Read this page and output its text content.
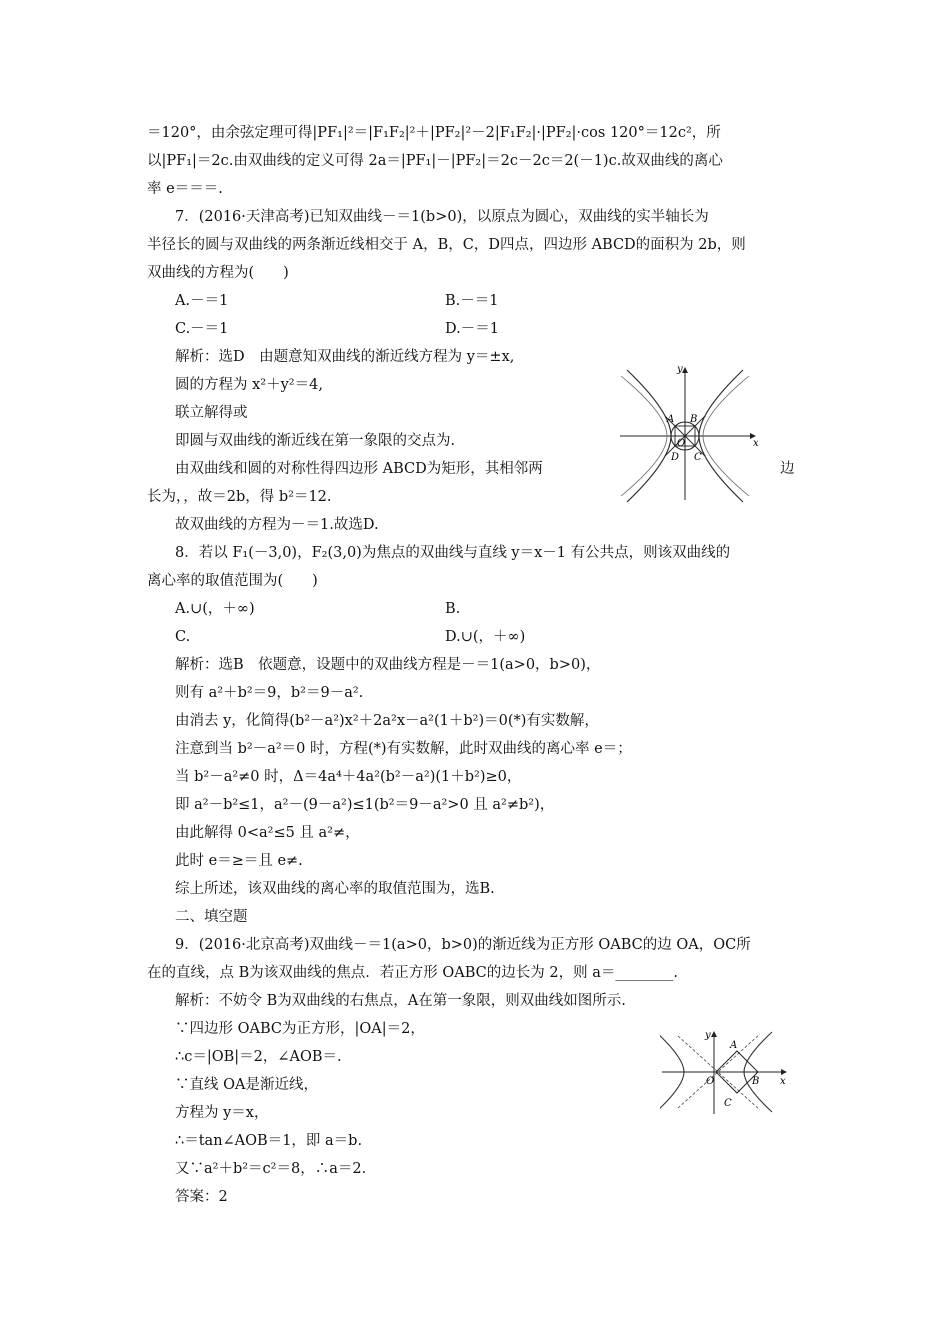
＝120°，由余弦定理可得|PF₁|²＝|F₁F₂|²＋|PF₂|²－2|F₁F₂|·|PF₂|·cos 120°＝12c²，所
以|PF₁|＝2c.由双曲线的定义可得 2a＝|PF₁|－|PF₂|＝2c－2c＝2(－1)c.故双曲线的离心
率 e＝＝＝.
7．(2016·天津高考)已知双曲线－＝1(b>0)，以原点为圆心，双曲线的实半轴长为
半径长的圆与双曲线的两条渐近线相交于 A，B，C，D四点，四边形 ABCD的面积为 2b，则
双曲线的方程为(　　)
A.－＝1	B.－＝1
C.－＝1	D.－＝1
解析：选D　由题意知双曲线的渐近线方程为 y＝±x,
圆的方程为 x²＋y²＝4,
联立解得或
即圆与双曲线的渐近线在第一象限的交点为.
由双曲线和圆的对称性得四边形 ABCD为矩形，其相邻两	边
长为，，故＝2b，得 b²＝12.
故双曲线的方程为－＝1.故选D.
x
y
A B
O
D C
8．若以 F₁(－3,0)，F₂(3,0)为焦点的双曲线与直线 y＝x－1 有公共点，则该双曲线的
离心率的取值范围为(　　)
A.∪(，＋∞)	B.
C.	D.∪(，＋∞)
解析：选B　依题意，设题中的双曲线方程是－＝1(a>0，b>0)，
则有 a²＋b²＝9，b²＝9－a².
由消去 y，化简得(b²－a²)x²＋2a²x－a²(1＋b²)＝0(*)有实数解，
注意到当 b²－a²＝0 时，方程(*)有实数解，此时双曲线的离心率 e＝；
当 b²－a²≠0 时，Δ＝4a⁴＋4a²(b²－a²)(1＋b²)≥0，
即 a²－b²≤1，a²－(9－a²)≤1(b²＝9－a²>0 且 a²≠b²)，
由此解得 0<a²≤5 且 a²≠，
此时 e＝≥＝且 e≠.
综上所述，该双曲线的离心率的取值范围为，选B.
二、填空题
9．(2016·北京高考)双曲线－＝1(a>0，b>0)的渐近线为正方形 OABC的边 OA，OC所
在的直线，点 B为该双曲线的焦点．若正方形 OABC的边长为 2，则 a＝________.
解析：不妨令 B为双曲线的右焦点，A在第一象限，则双曲线如图所示.
∵四边形 OABC为正方形，|OA|＝2，
∴c＝|OB|＝2，∠AOB＝.
∵直线 OA是渐近线，
方程为 y＝x，
∴＝tan∠AOB＝1，即 a＝b.
又∵a²＋b²＝c²＝8，∴a＝2.
答案：2
x
y
A
B
O
C
